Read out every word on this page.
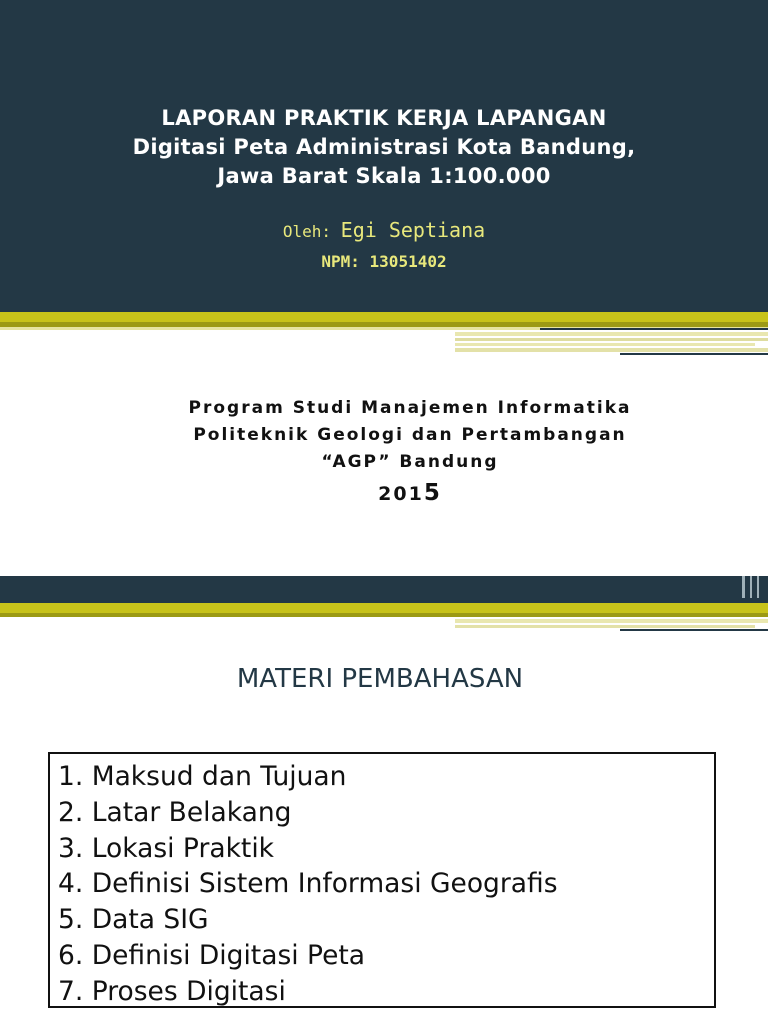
LAPORAN PRAKTIK KERJA LAPANGAN
Digitasi Peta Administrasi Kota Bandung,
Jawa Barat Skala 1:100.000
Oleh: Egi Septiana
NPM: 13051402
Program Studi Manajemen Informatika
Politeknik Geologi dan Pertambangan
“AGP” Bandung
2015
MATERI PEMBAHASAN
1. Maksud dan Tujuan
2. Latar Belakang
3. Lokasi Praktik
4. Definisi Sistem Informasi Geografis
5. Data SIG
6. Definisi Digitasi Peta
7. Proses Digitasi
